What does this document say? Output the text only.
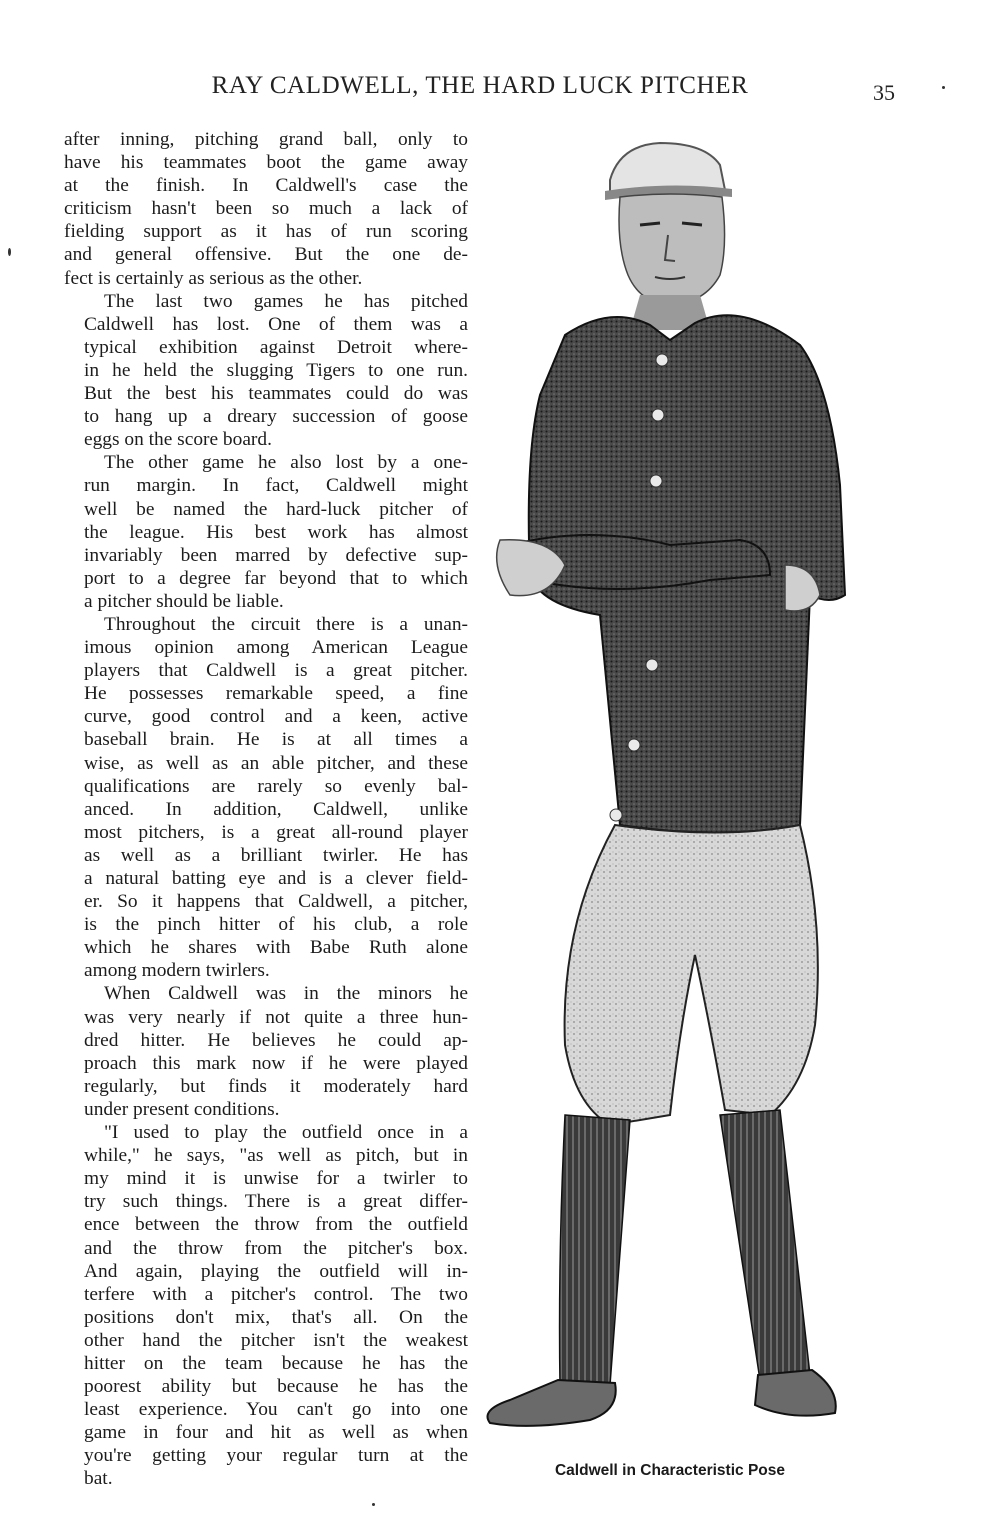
RAY CALDWELL, THE HARD LUCK PITCHER	35
after inning, pitching grand ball, only to
have his teammates boot the game away
at the finish. In Caldwell's case the
criticism hasn't been so much a lack of
fielding support as it has of run scoring
and general offensive. But the one de-
fect is certainly as serious as the other.
The last two games he has pitched
Caldwell has lost. One of them was a
typical exhibition against Detroit where-
in he held the slugging Tigers to one run.
But the best his teammates could do was
to hang up a dreary succession of goose
eggs on the score board.
The other game he also lost by a one-
run margin. In fact, Caldwell might
well be named the hard-luck pitcher of
the league. His best work has almost
invariably been marred by defective sup-
port to a degree far beyond that to which
a pitcher should be liable.
Throughout the circuit there is a unan-
imous opinion among American League
players that Caldwell is a great pitcher.
He possesses remarkable speed, a fine
curve, good control and a keen, active
baseball brain. He is at all times a
wise, as well as an able pitcher, and these
qualifications are rarely so evenly bal-
anced. In addition, Caldwell, unlike
most pitchers, is a great all-round player
as well as a brilliant twirler. He has
a natural batting eye and is a clever field-
er. So it happens that Caldwell, a pitcher,
is the pinch hitter of his club, a role
which he shares with Babe Ruth alone
among modern twirlers.
When Caldwell was in the minors he
was very nearly if not quite a three hun-
dred hitter. He believes he could ap-
proach this mark now if he were played
regularly, but finds it moderately hard
under present conditions.
"I used to play the outfield once in a
while," he says, "as well as pitch, but in
my mind it is unwise for a twirler to
try such things. There is a great differ-
ence between the throw from the outfield
and the throw from the pitcher's box.
And again, playing the outfield will in-
terfere with a pitcher's control. The two
positions don't mix, that's all. On the
other hand the pitcher isn't the weakest
hitter on the team because he has the
poorest ability but because he has the
least experience. You can't go into one
game in four and hit as well as when
you're getting your regular turn at the
bat.	Caldwell in Characteristic Pose
